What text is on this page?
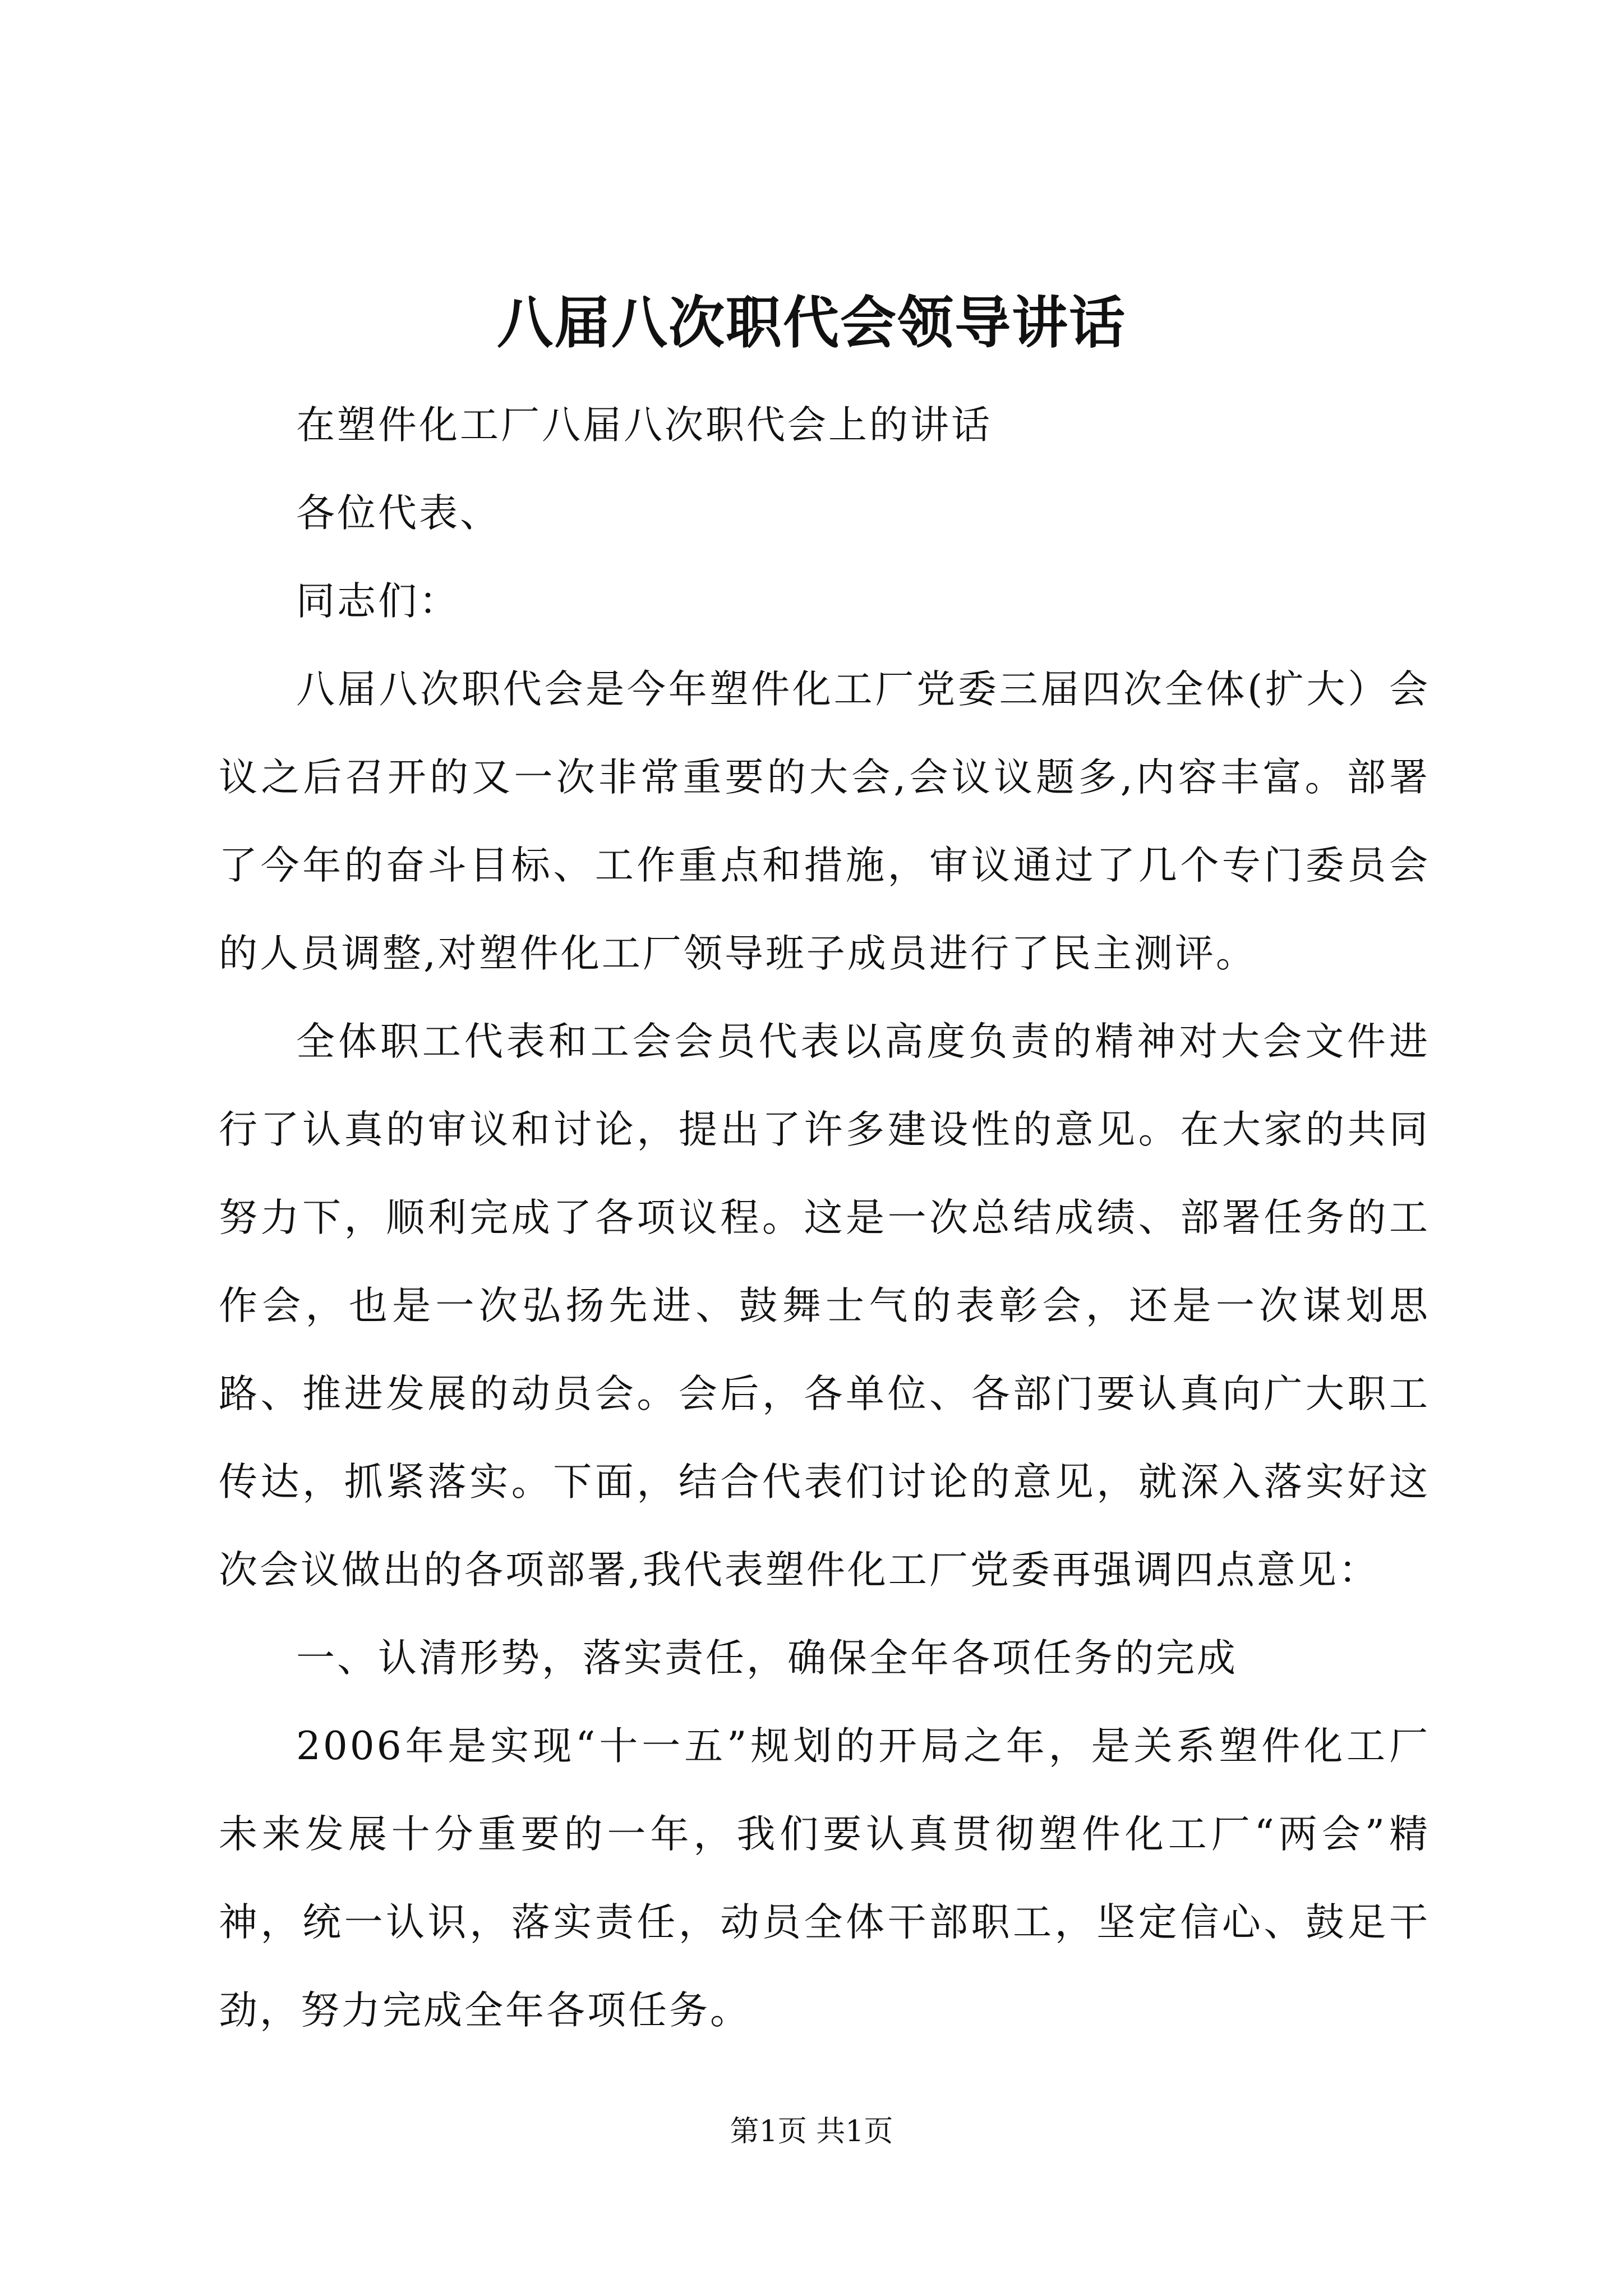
八届八次职代会领导讲话

在塑件化工厂八届八次职代会上的讲话

各位代表、

同志们：

八届八次职代会是今年塑件化工厂党委三届四次全体(扩大）会议之后召开的又一次非常重要的大会,会议议题多,内容丰富。部署了今年的奋斗目标、工作重点和措施，审议通过了几个专门委员会的人员调整,对塑件化工厂领导班子成员进行了民主测评。

全体职工代表和工会会员代表以高度负责的精神对大会文件进行了认真的审议和讨论，提出了许多建设性的意见。在大家的共同努力下，顺利完成了各项议程。这是一次总结成绩、部署任务的工作会，也是一次弘扬先进、鼓舞士气的表彰会，还是一次谋划思路、推进发展的动员会。会后，各单位、各部门要认真向广大职工传达，抓紧落实。下面，结合代表们讨论的意见，就深入落实好这次会议做出的各项部署,我代表塑件化工厂党委再强调四点意见：

一、认清形势，落实责任，确保全年各项任务的完成

2006年是实现“十一五”规划的开局之年，是关系塑件化工厂未来发展十分重要的一年，我们要认真贯彻塑件化工厂“两会”精神，统一认识，落实责任，动员全体干部职工，坚定信心、鼓足干劲，努力完成全年各项任务。

第1页 共1页
